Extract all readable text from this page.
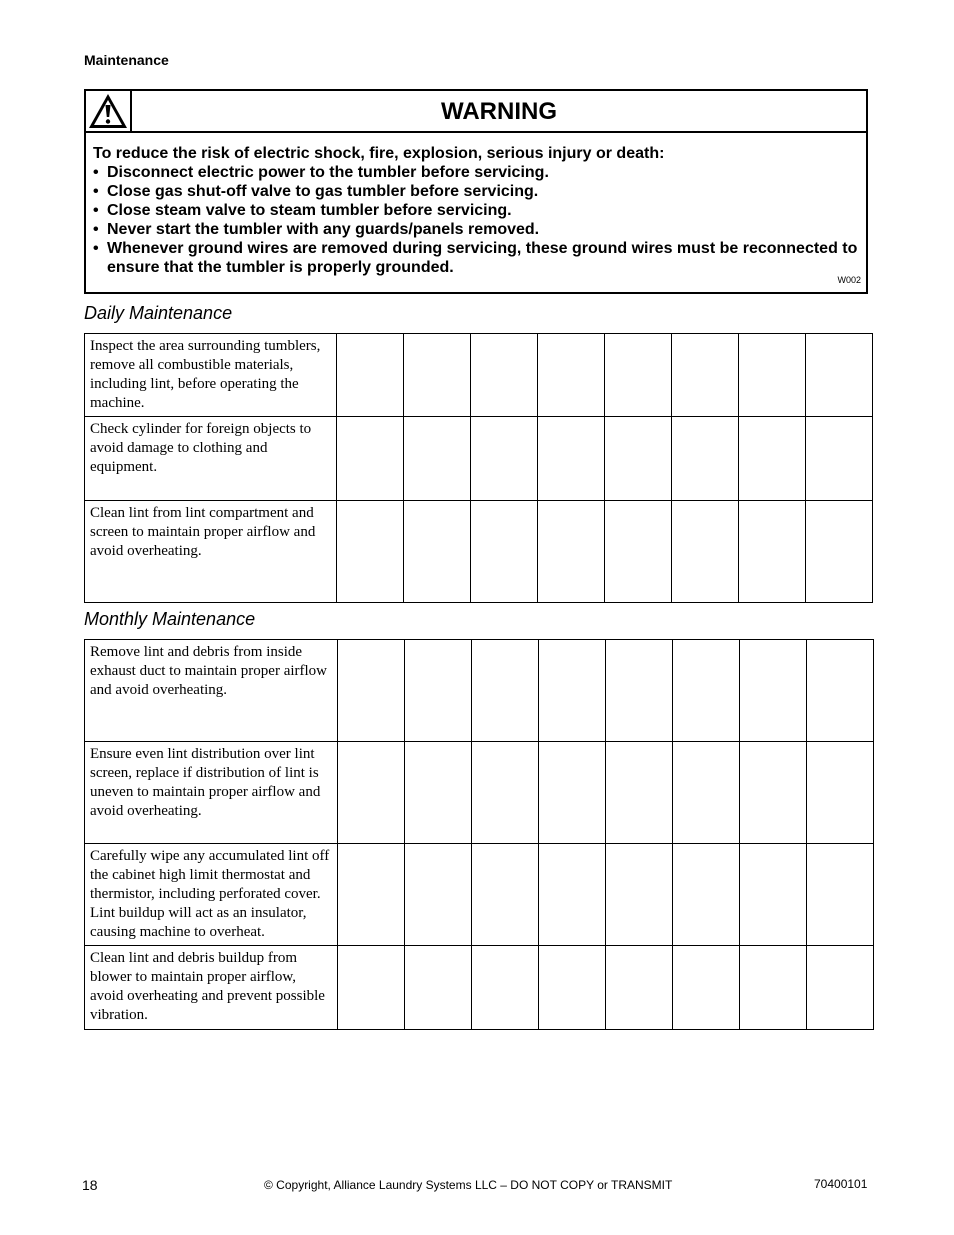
Maintenance
WARNING

To reduce the risk of electric shock, fire, explosion, serious injury or death:

• Disconnect electric power to the tumbler before servicing.
• Close gas shut-off valve to gas tumbler before servicing.
• Close steam valve to steam tumbler before servicing.
• Never start the tumbler with any guards/panels removed.
• Whenever ground wires are removed during servicing, these ground wires must be reconnected to ensure that the tumbler is properly grounded.
W002
Daily Maintenance
Inspect the area surrounding tumblers, remove all combustible materials, including lint, before operating the machine.								
Check cylinder for foreign objects to avoid damage to clothing and equipment.								
Clean lint from lint compartment and screen to maintain proper airflow and avoid overheating.								
Monthly Maintenance
Remove lint and debris from inside exhaust duct to maintain proper airflow and avoid overheating.								
Ensure even lint distribution over lint screen, replace if distribution of lint is uneven to maintain proper airflow and avoid overheating.								
Carefully wipe any accumulated lint off the cabinet high limit thermostat and thermistor, including perforated cover. Lint buildup will act as an insulator, causing machine to overheat.								
Clean lint and debris buildup from blower to maintain proper airflow, avoid overheating and prevent possible vibration.								
18	© Copyright, Alliance Laundry Systems LLC – DO NOT COPY or TRANSMIT	70400101
